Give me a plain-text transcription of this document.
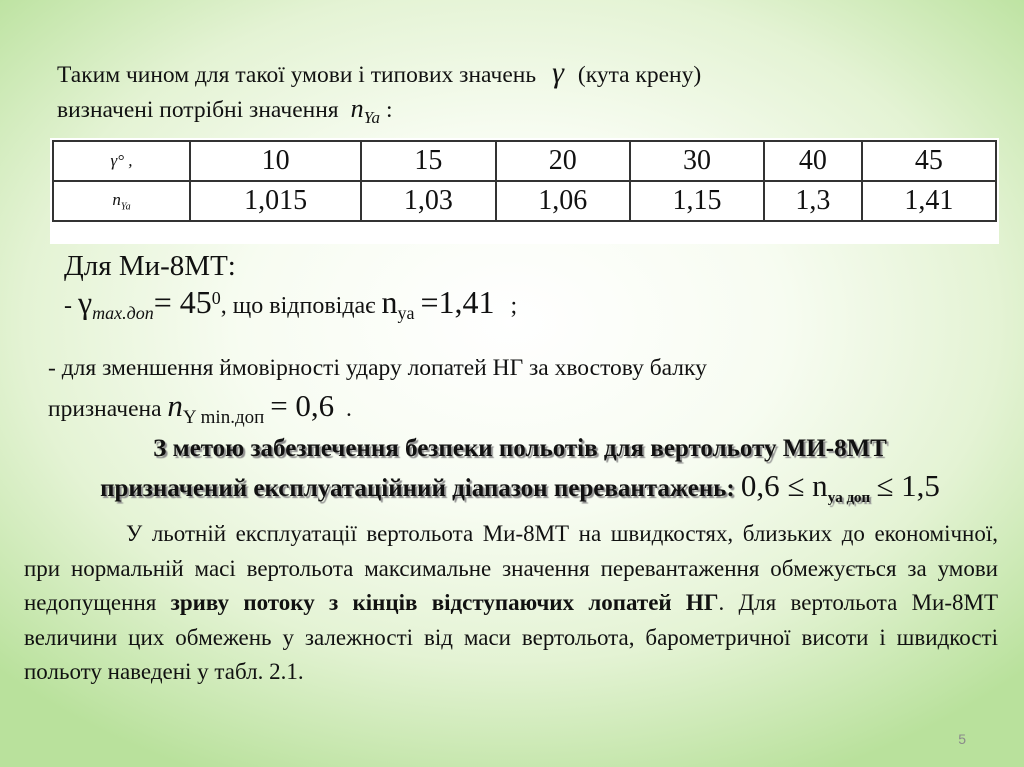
Таким чином для такої умови і типових значень γ (кута крену)
визначені потрібні значення $n_{Ya}$ :
γ° ,	10	15	20	30	40	45
$n_{Ya}$	1,015	1,03	1,06	1,15	1,3	1,41
Для Ми-8МТ:
- $\gamma_{max.доп}= 45^0$, що відповідає $n_{ya} =1,41$ ;
- для зменшення ймовірності удару лопатей НГ за хвостову балку
призначена $n_{Y min.доп} = 0,6$ .
З метою забезпечення безпеки польотів для вертольоту МИ-8МТ
призначений експлуатаційний діапазон перевантажень: $0,6 \le n_{ya доп} \le 1,5$
У льотній експлуатації вертольота Ми-8МТ на швидкостях, близьких до економічної, при нормальній масі вертольота максимальне значення перевантаження обмежується за умови недопущення зриву потоку з кінців відступаючих лопатей НГ. Для вертольота Ми-8МТ величини цих обмежень у залежності від маси вертольота, барометричної висоти і швидкості польоту наведені у табл. 2.1.
5
